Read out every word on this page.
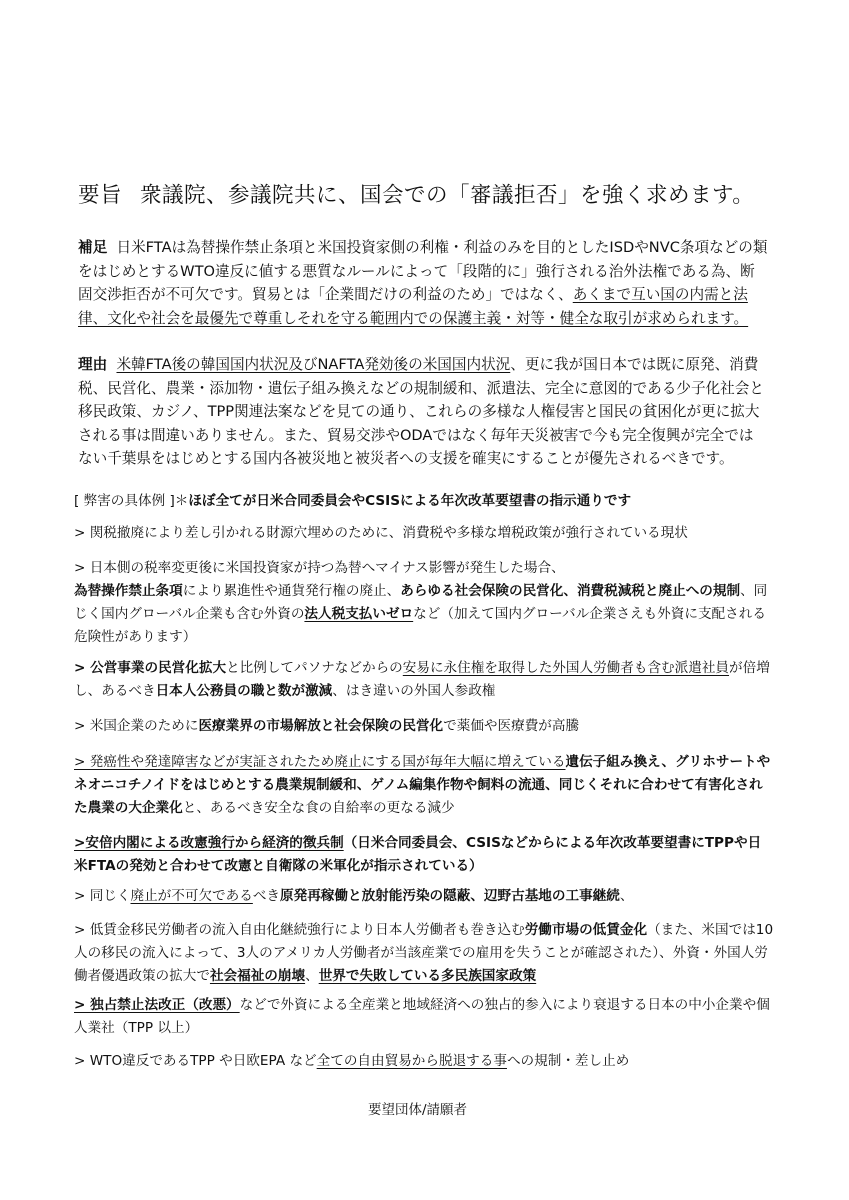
要旨 衆議院、参議院共に、国会での「審議拒否」を強く求めます。
補足 日米FTAは為替操作禁止条項と米国投資家側の利権・利益のみを目的としたISDやNVC条項などの類をはじめとするWTO違反に値する悪質なルールによって「段階的に」強行される治外法権である為、断固交渉拒否が不可欠です。貿易とは「企業間だけの利益のため」ではなく、あくまで互い国の内需と法律、文化や社会を最優先で尊重しそれを守る範囲内での保護主義・対等・健全な取引が求められます。
理由 米韓FTA後の韓国国内状況及びNAFTA発効後の米国国内状況、更に我が国日本では既に原発、消費税、民営化、農業・添加物・遺伝子組み換えなどの規制緩和、派遣法、完全に意図的である少子化社会と移民政策、カジノ、TPP関連法案などを見ての通り、これらの多様な人権侵害と国民の貧困化が更に拡大される事は間違いありません。また、貿易交渉やODAではなく毎年天災被害で今も完全復興が完全ではない千葉県をはじめとする国内各被災地と被災者への支援を確実にすることが優先されるべきです。
[ 弊害の具体例 ]＊ほぼ全てが日米合同委員会やCSISによる年次改革要望書の指示通りです
> 関税撤廃により差し引かれる財源穴埋めのために、消費税や多様な増税政策が強行されている現状
> 日本側の税率変更後に米国投資家が持つ為替へマイナス影響が発生した場合、
為替操作禁止条項により累進性や通貨発行権の廃止、あらゆる社会保険の民営化、消費税減税と廃止への規制、同じく国内グローバル企業も含む外資の法人税支払いゼロなど（加えて国内グローバル企業さえも外資に支配される危険性があります）
> 公営事業の民営化拡大と比例してパソナなどからの安易に永住権を取得した外国人労働者も含む派遣社員が倍増し、あるべき日本人公務員の職と数が激減、はき違いの外国人参政権
> 米国企業のために医療業界の市場解放と社会保険の民営化で薬価や医療費が高騰
> 発癌性や発達障害などが実証されたため廃止にする国が毎年大幅に増えている遺伝子組み換え、グリホサートやネオニコチノイドをはじめとする農業規制緩和、ゲノム編集作物や飼料の流通、同じくそれに合わせて有害化された農業の大企業化と、あるべき安全な食の自給率の更なる減少
>安倍内閣による改憲強行から経済的徴兵制（日米合同委員会、CSISなどからによる年次改革要望書にTPPや日米FTAの発効と合わせて改憲と自衛隊の米軍化が指示されている）
> 同じく廃止が不可欠であるべき原発再稼働と放射能汚染の隠蔽、辺野古基地の工事継続、
> 低賃金移民労働者の流入自由化継続強行により日本人労働者も巻き込む労働市場の低賃金化（また、米国では10人の移民の流入によって、3人のアメリカ人労働者が当該産業での雇用を失うことが確認された）、外資・外国人労働者優遇政策の拡大で社会福祉の崩壊、世界で失敗している多民族国家政策
> 独占禁止法改正（改悪）などで外資による全産業と地域経済への独占的参入により衰退する日本の中小企業や個人業社（TPP 以上）
> WTO違反であるTPP や日欧EPA など全ての自由貿易から脱退する事への規制・差し止め
要望団体/請願者
